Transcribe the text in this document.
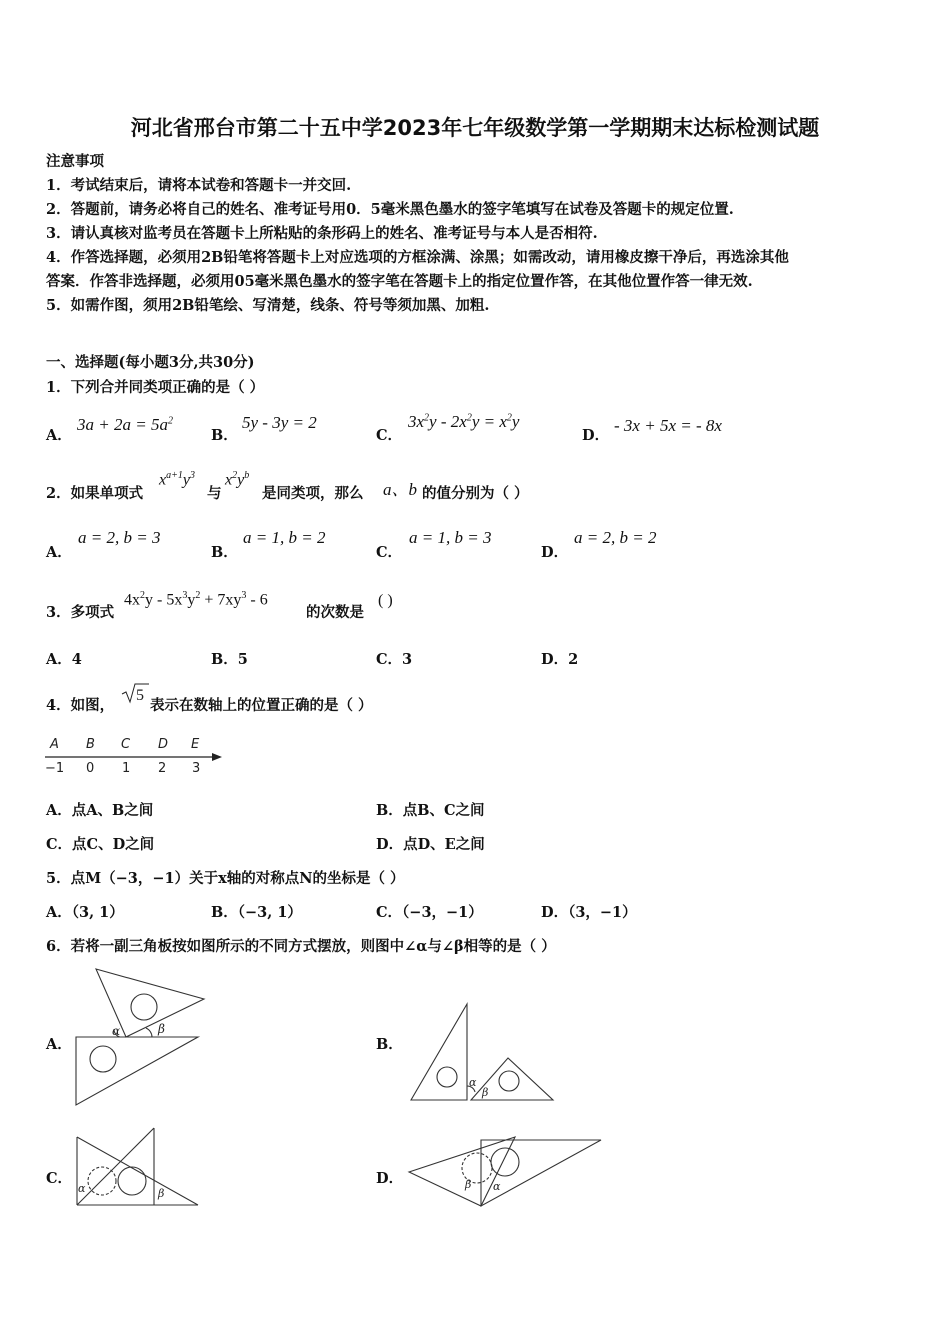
河北省邢台市第二十五中学2023年七年级数学第一学期期末达标检测试题
注意事项
1．考试结束后，请将本试卷和答题卡一并交回.
2．答题前，请务必将自己的姓名、准考证号用0．5毫米黑色墨水的签字笔填写在试卷及答题卡的规定位置.
3．请认真核对监考员在答题卡上所粘贴的条形码上的姓名、准考证号与本人是否相符.
4．作答选择题，必须用2B铅笔将答题卡上对应选项的方框涂满、涂黑；如需改动，请用橡皮擦干净后，再选涂其他
答案．作答非选择题，必须用05毫米黑色墨水的签字笔在答题卡上的指定位置作答，在其他位置作答一律无效.
5．如需作图，须用2B铅笔绘、写清楚，线条、符号等须加黑、加粗.
一、选择题(每小题3分,共30分)
1．下列合并同类项正确的是（ ）
A．
$3a + 2a = 5a^2$
B．
5y - 3y = 2
C．
$3x^2y - 2x^2y = x^2y$
D．
- 3x + 5x = - 8x
2．如果单项式
$x^{a+1}y^3$
与
$x^2y^b$
是同类项，那么 a、b 的值分别为（ ）
A．
a = 2, b = 3
B．
a = 1, b = 2
C．
a = 1, b = 3
D．
a = 2, b = 2
3．多项式
$4x^2y - 5x^3y^2 + 7xy^3 - 6$
的次数是
( )
A．4	B．5	C．3	D．2
4．如图，
5
表示在数轴上的位置正确的是（ ）
A B C D E
−1 0 1 2 3
A．点A、B之间	B．点B、C之间
C．点C、D之间	D．点D、E之间
5．点M（−3，−1）关于x轴的对称点N的坐标是（ ）
A．（3, 1）	B．（−3, 1）	C．（−3，−1）	D．（3，−1）
6．若将一副三角板按如图所示的不同方式摆放，则图中∠α与∠β相等的是（ ）
A．
α	β
B．
α
β
C．
α	β
D．	β α
